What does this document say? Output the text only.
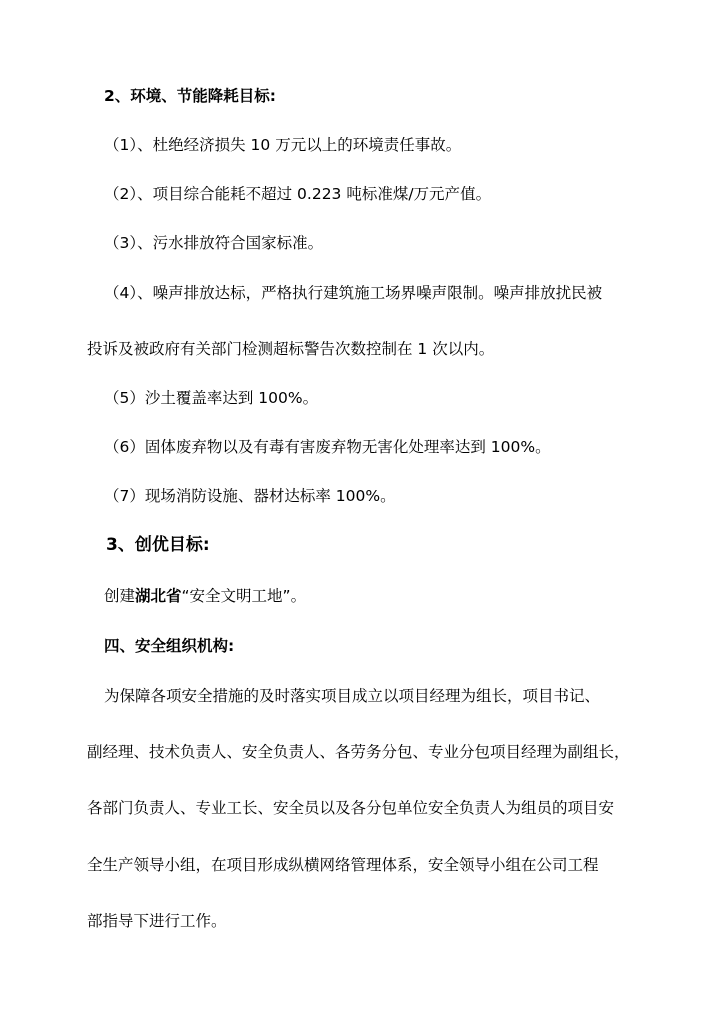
2、环境、节能降耗目标:
（1）、杜绝经济损失 10 万元以上的环境责任事故。
（2）、项目综合能耗不超过 0.223 吨标准煤/万元产值。
（3）、污水排放符合国家标准。
（4）、噪声排放达标，严格执行建筑施工场界噪声限制。噪声排放扰民被
投诉及被政府有关部门检测超标警告次数控制在 1 次以内。
（5）沙土覆盖率达到 100%。
（6）固体废弃物以及有毒有害废弃物无害化处理率达到 100%。
（7）现场消防设施、器材达标率 100%。
3、创优目标:
创建湖北省“安全文明工地”。
四、安全组织机构:
为保障各项安全措施的及时落实项目成立以项目经理为组长，项目书记、
副经理、技术负责人、安全负责人、各劳务分包、专业分包项目经理为副组长，
各部门负责人、专业工长、安全员以及各分包单位安全负责人为组员的项目安
全生产领导小组，在项目形成纵横网络管理体系，安全领导小组在公司工程
部指导下进行工作。
